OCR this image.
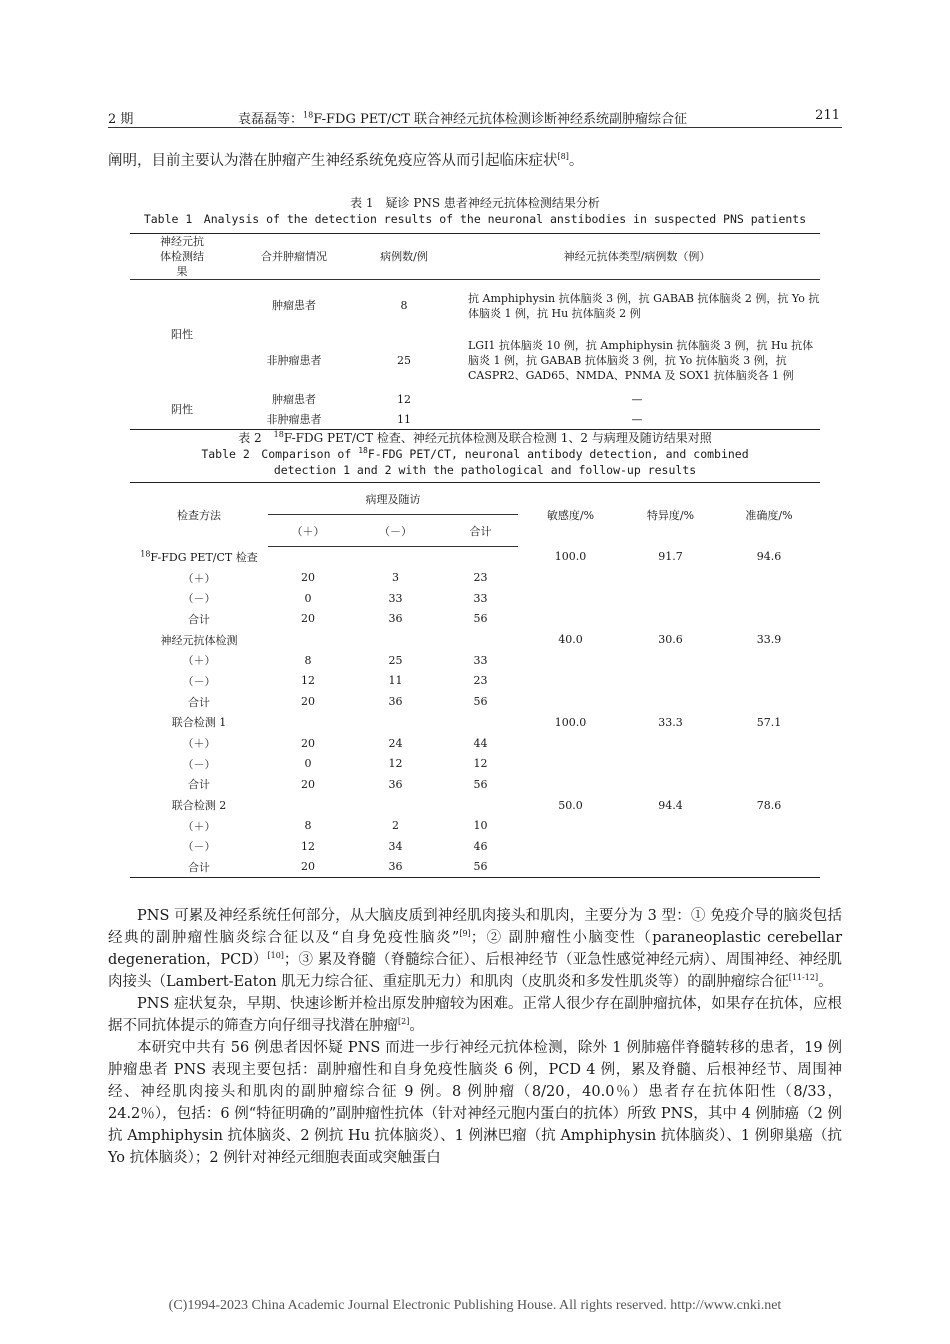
2 期	袁磊磊等：$^{18}$F-FDG PET/CT 联合神经元抗体检测诊断神经系统副肿瘤综合征	211

阐明，目前主要认为潜在肿瘤产生神经系统免疫应答从而引起临床症状[8]。

表 1　疑诊 PNS 患者神经元抗体检测结果分析
Table 1　Analysis of the detection results of the neuronal anstibodies in suspected PNS patients
神经元抗体检测结果	合并肿瘤情况	病例数/例	神经元抗体类型/病例数（例）
阳性	肿瘤患者	8	抗 Amphiphysin 抗体脑炎 3 例，抗 GABAB 抗体脑炎 2 例，抗 Yo 抗体脑炎 1 例，抗 Hu 抗体脑炎 2 例
	非肿瘤患者	25	LGI1 抗体脑炎 10 例，抗 Amphiphysin 抗体脑炎 3 例，抗 Hu 抗体脑炎 1 例，抗 GABAB 抗体脑炎 3 例，抗 Yo 抗体脑炎 3 例，抗 CASPR2、GAD65、NMDA、PNMA 及 SOX1 抗体脑炎各 1 例
阴性	肿瘤患者	12	—
	非肿瘤患者	11	—
表 2　$^{18}$F-FDG PET/CT 检查、神经元抗体检测及联合检测 1、2 与病理及随访结果对照
Table 2　Comparison of $^{18}$F-FDG PET/CT, neuronal antibody detection, and combined
detection 1 and 2 with the pathological and follow-up results
检查方法	病理及随访			敏感度/%	特异度/%	准确度/%
	（＋）	（－）	合计			
$^{18}$F-FDG PET/CT 检查				100.0	91.7	94.6
（＋）	20	3	23			
（－）	0	33	33			
合计	20	36	56			
神经元抗体检测				40.0	30.6	33.9
（＋）	8	25	33			
（－）	12	11	23			
合计	20	36	56			
联合检测 1				100.0	33.3	57.1
（＋）	20	24	44			
（－）	0	12	12			
合计	20	36	56			
联合检测 2				50.0	94.4	78.6
（＋）	8	2	10			
（－）	12	34	46			
合计	20	36	56			

PNS 可累及神经系统任何部分，从大脑皮质到神经肌肉接头和肌肉，主要分为 3 型：① 免疫介导的脑炎包括经典的副肿瘤性脑炎综合征以及“自身免疫性脑炎”[9]；② 副肿瘤性小脑变性（paraneoplastic cerebellar degeneration，PCD）[10]；③ 累及脊髓（脊髓综合征）、后根神经节（亚急性感觉神经元病）、周围神经、神经肌肉接头（Lambert-Eaton 肌无力综合征、重症肌无力）和肌肉（皮肌炎和多发性肌炎等）的副肿瘤综合征[11-12]。

PNS 症状复杂，早期、快速诊断并检出原发肿瘤较为困难。正常人很少存在副肿瘤抗体，如果存在抗体，应根据不同抗体提示的筛查方向仔细寻找潜在肿瘤[2]。

本研究中共有 56 例患者因怀疑 PNS 而进一步行神经元抗体检测，除外 1 例肺癌伴脊髓转移的患者，19 例肿瘤患者 PNS 表现主要包括：副肿瘤性和自身免疫性脑炎 6 例，PCD 4 例，累及脊髓、后根神经节、周围神经、神经肌肉接头和肌肉的副肿瘤综合征 9 例。8 例肿瘤（8/20，40.0％）患者存在抗体阳性（8/33，24.2％），包括：6 例“特征明确的”副肿瘤性抗体（针对神经元胞内蛋白的抗体）所致 PNS，其中 4 例肺癌（2 例抗 Amphiphysin 抗体脑炎、2 例抗 Hu 抗体脑炎）、1 例淋巴瘤（抗 Amphiphysin 抗体脑炎）、1 例卵巢癌（抗 Yo 抗体脑炎）；2 例针对神经元细胞表面或突触蛋白

(C)1994-2023 China Academic Journal Electronic Publishing House. All rights reserved. http://www.cnki.net
